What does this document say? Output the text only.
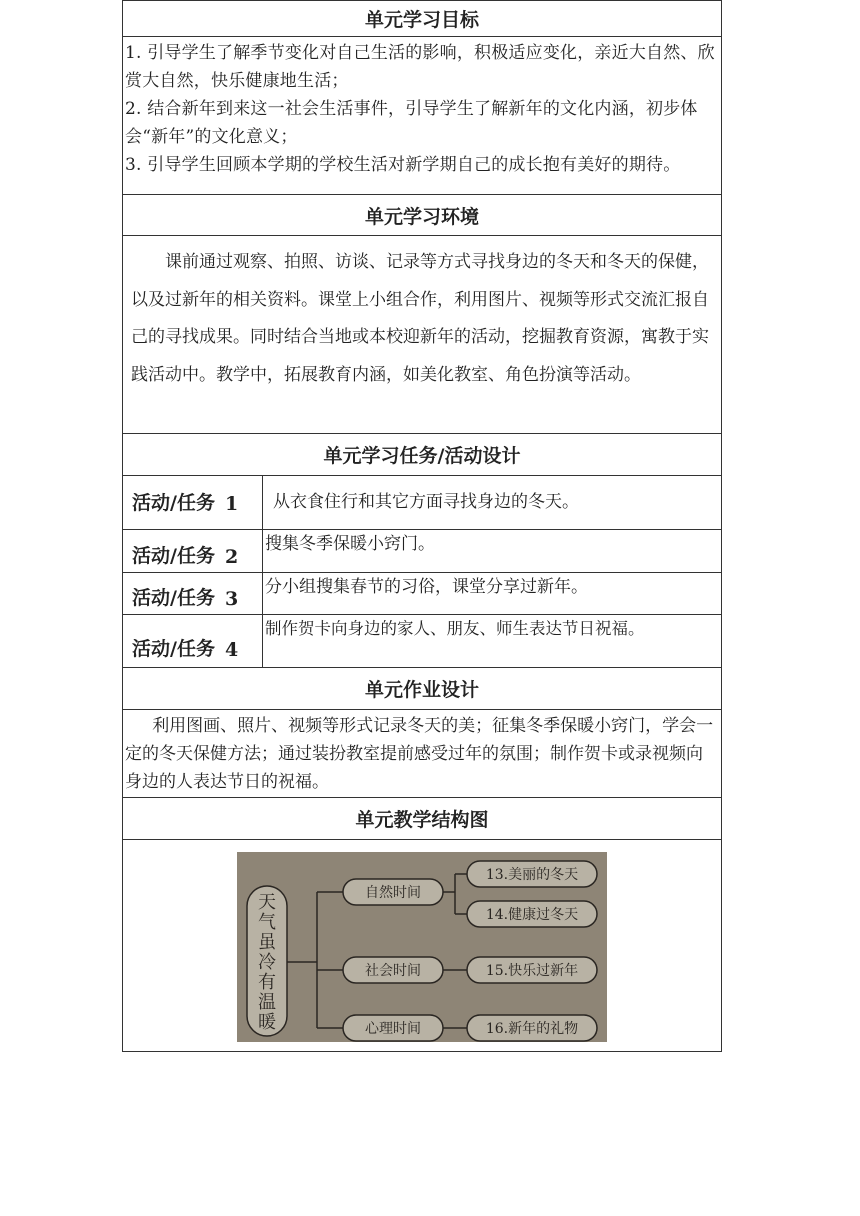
单元学习目标

1. 引导学生了解季节变化对自己生活的影响，积极适应变化，亲近大自然、欣赏大自然，快乐健康地生活；

2. 结合新年到来这一社会生活事件，引导学生了解新年的文化内涵，初步体会“新年”的文化意义；

3. 引导学生回顾本学期的学校生活对新学期自己的成长抱有美好的期待。

单元学习环境
课前通过观察、拍照、访谈、记录等方式寻找身边的冬天和冬天的保健，以及过新年的相关资料。课堂上小组合作，利用图片、视频等形式交流汇报自己的寻找成果。同时结合当地或本校迎新年的活动，挖掘教育资源，寓教于实践活动中。教学中，拓展教育内涵，如美化教室、角色扮演等活动。
单元学习任务/活动设计
活动/任务 1 从衣食住行和其它方面寻找身边的冬天。
活动/任务 2
搜集冬季保暖小窍门。
活动/任务 3
分小组搜集春节的习俗，课堂分享过新年。
活动/任务 4
制作贺卡向身边的家人、朋友、师生表达节日祝福。
单元作业设计
利用图画、照片、视频等形式记录冬天的美；征集冬季保暖小窍门，学会一定的冬天保健方法；通过装扮教室提前感受过年的氛围；制作贺卡或录视频向身边的人表达节日的祝福。
单元教学结构图
天气虽冷有温暖
自然时间
社会时间
心理时间
13.美丽的冬天
14.健康过冬天
15.快乐过新年
16.新年的礼物
